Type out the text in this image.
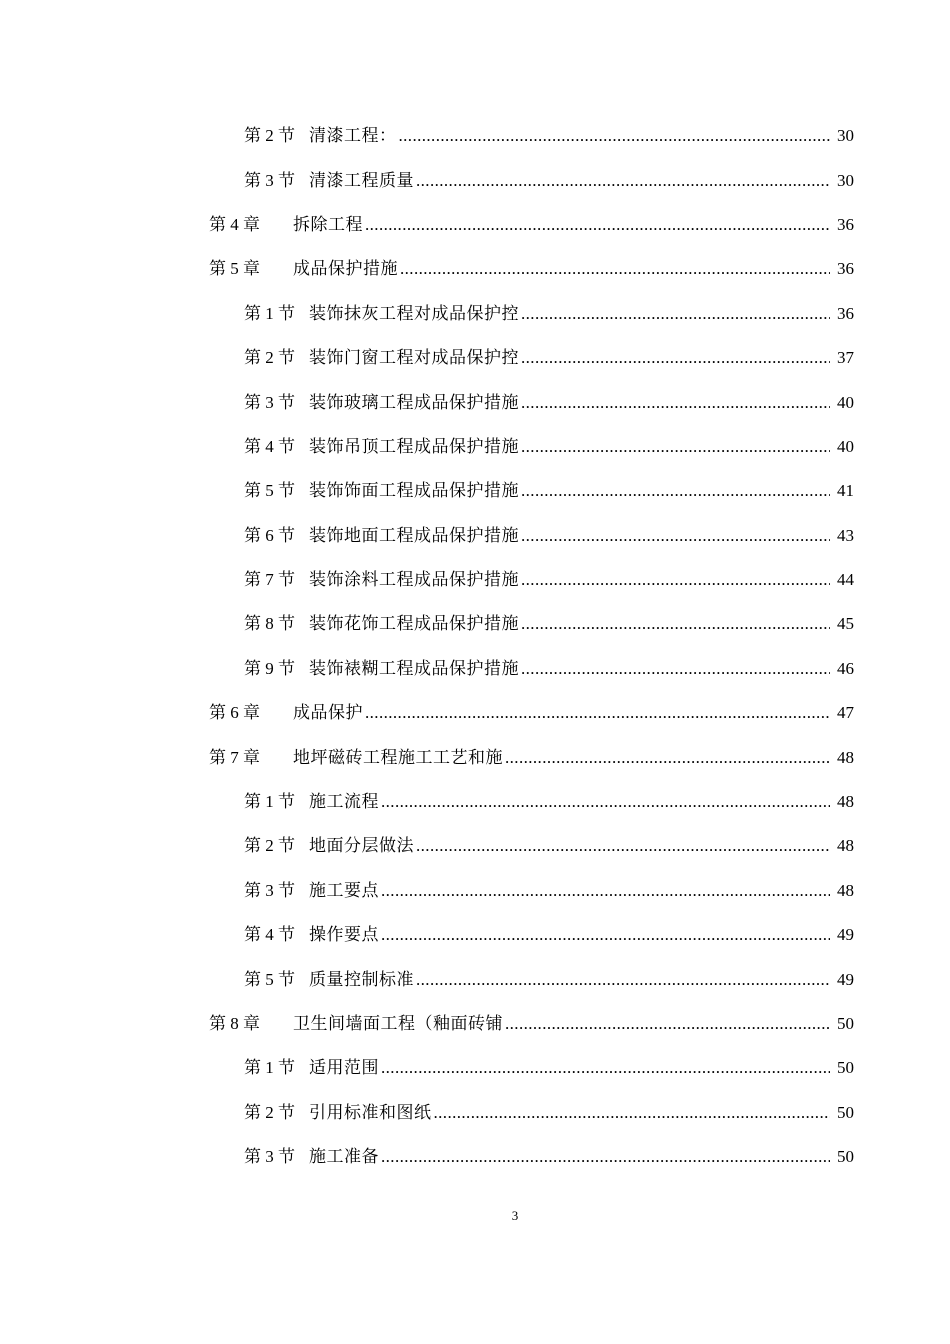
第 2 节 清漆工程： .....	30
第 3 节 清漆工程质量 .....	30
第 4 章	拆除工程 .....	36
第 5 章	成品保护措施 .....	36
第 1 节 装饰抹灰工程对成品保护控 .....	36
第 2 节 装饰门窗工程对成品保护控 .....	37
第 3 节 装饰玻璃工程成品保护措施 .....	40
第 4 节 装饰吊顶工程成品保护措施 .....	40
第 5 节 装饰饰面工程成品保护措施 .....	41
第 6 节 装饰地面工程成品保护措施 .....	43
第 7 节 装饰涂料工程成品保护措施 .....	44
第 8 节 装饰花饰工程成品保护措施 .....	45
第 9 节 装饰裱糊工程成品保护措施 .....	46
第 6 章	成品保护 .....	47
第 7 章	地坪磁砖工程施工工艺和施 .....	48
第 1 节 施工流程 .....	48
第 2 节 地面分层做法 .....	48
第 3 节 施工要点 .....	48
第 4 节 操作要点 .....	49
第 5 节 质量控制标准 .....	49
第 8 章	卫生间墙面工程（釉面砖铺 .....	50
第 1 节 适用范围 .....	50
第 2 节 引用标准和图纸 .....	50
第 3 节 施工准备 .....	50
3
